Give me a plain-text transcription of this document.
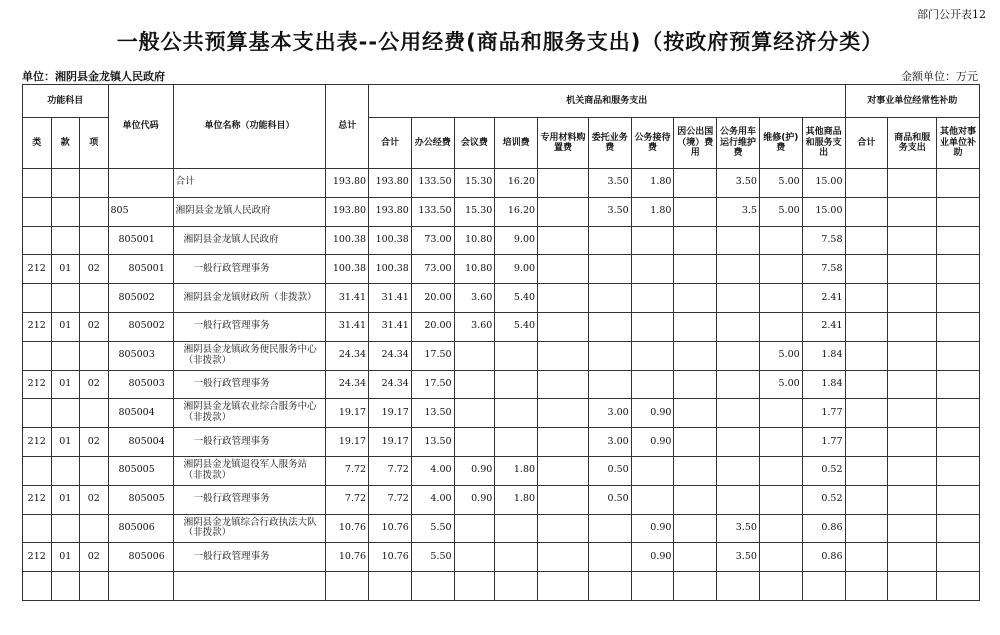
部门公开表12
一般公共预算基本支出表--公用经费(商品和服务支出)（按政府预算经济分类）
单位：湘阴县金龙镇人民政府	金额单位：万元
功能科目			单位代码	单位名称（功能科目）	总计	机关商品和服务支出											对事业单位经常性补助		
类	款	项				合计	办公经费	会议费	培训费	专用材料购置费	委托业务费	公务接待费	因公出国（境）费用	公务用车运行维护费	维修(护)费	其他商品和服务支出	合计	商品和服务支出	其他对事业单位补助
				合计	193.80	193.80	133.50	15.30	16.20		3.50	1.80		3.50	5.00	15.00			
			805	湘阴县金龙镇人民政府	193.80	193.80	133.50	15.30	16.20		3.50	1.80		3.5	5.00	15.00			
			805001	湘阴县金龙镇人民政府	100.38	100.38	73.00	10.80	9.00							7.58			
212	01	02	805001	一般行政管理事务	100.38	100.38	73.00	10.80	9.00							7.58			
			805002	湘阴县金龙镇财政所（非拨款）	31.41	31.41	20.00	3.60	5.40							2.41			
212	01	02	805002	一般行政管理事务	31.41	31.41	20.00	3.60	5.40							2.41			
			805003	湘阴县金龙镇政务便民服务中心（非拨款）	24.34	24.34	17.50								5.00	1.84			
212	01	02	805003	一般行政管理事务	24.34	24.34	17.50								5.00	1.84			
			805004	湘阴县金龙镇农业综合服务中心（非拨款）	19.17	19.17	13.50				3.00	0.90				1.77			
212	01	02	805004	一般行政管理事务	19.17	19.17	13.50				3.00	0.90				1.77			
			805005	湘阴县金龙镇退役军人服务站（非拨款）	7.72	7.72	4.00	0.90	1.80		0.50					0.52			
212	01	02	805005	一般行政管理事务	7.72	7.72	4.00	0.90	1.80		0.50					0.52			
			805006	湘阴县金龙镇综合行政执法大队（非拨款）	10.76	10.76	5.50					0.90		3.50		0.86			
212	01	02	805006	一般行政管理事务	10.76	10.76	5.50					0.90		3.50		0.86			
